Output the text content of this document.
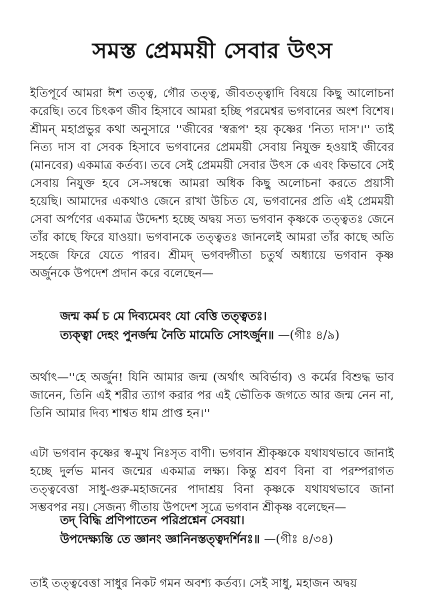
সমস্ত প্রেমময়ী সেবার উৎস

ইতিপূর্বে আমরা ঈশ তত্ত্ব, গৌর তত্ত্ব, জীবতত্ত্বাদি বিষয়ে কিছু আলোচনা করেছি। তবে চিৎকণ জীব হিসাবে আমরা হচ্ছি পরমেশ্বর ভগবানের অংশ বিশেষ। শ্রীমন্ মহাপ্রভুর কথা অনুসারে ''জীবের 'স্বরূপ' হয় কৃষ্ণের 'নিত্য দাস'।'' তাই নিত্য দাস বা সেবক হিসাবে ভগবানের প্রেমময়ী সেবায় নিযুক্ত হওয়াই জীবের (মানবের) একমাত্র কর্তব্য। তবে সেই প্রেমময়ী সেবার উৎস কে এবং কিভাবে সেই সেবায় নিযুক্ত হবে সে-সম্বন্ধে আমরা অধিক কিছু অলোচনা করতে প্রয়াসী হয়েছি। আমাদের একথাও জেনে রাখা উচিত যে, ভগবানের প্রতি এই প্রেমময়ী সেবা অর্পণের একমাত্র উদ্দেশ্য হচ্ছে অদ্বয় সত্য ভগবান কৃষ্ণকে তত্ত্বতঃ জেনে তাঁর কাছে ফিরে যাওয়া। ভগবানকে তত্ত্বতঃ জানলেই আমরা তাঁর কাছে অতি সহজে ফিরে যেতে পারব। শ্রীমদ্ ভগবদ্গীতা চতুর্থ অধ্যায়ে ভগবান কৃষ্ণ অর্জুনকে উপদেশ প্রদান করে বলেছেন—

জন্ম কর্ম চ মে দিব্যমেবং যো বেত্তি তত্ত্বতঃ।
ত্যক্ত্বা দেহং পুনর্জন্ম নৈতি মামেতি সোঽর্জুন॥ —(গীঃ ৪/৯)

অর্থাৎ—''হে অর্জুন! যিনি আমার জন্ম (অর্থাৎ অবির্ভাব) ও কর্মের বিশুদ্ধ ভাব জানেন, তিনি এই শরীর ত্যাগ করার পর এই ভৌতিক জগতে আর জন্ম নেন না, তিনি আমার দিব্য শাশ্বত ধাম প্রাপ্ত হন।''

এটা ভগবান কৃষ্ণের স্ব-মুখ নিঃসৃত বাণী। ভগবান শ্রীকৃষ্ণকে যথাযথভাবে জানাই হচ্ছে দুর্লভ মানব জন্মের একমাত্র লক্ষ্য। কিন্তু শ্রবণ বিনা বা পরম্পরাগত তত্ত্ববেত্তা সাধু-গুরু-মহাজনের পাদাশ্রয় বিনা কৃষ্ণকে যথাযথভাবে জানা সম্ভবপর নয়। সেজন্য গীতায় উপদেশ সূত্রে ভগবান শ্রীকৃষ্ণ বলেছেন—

তদ্ বিদ্ধি প্রণিপাতেন পরিপ্রশ্নেন সেবয়া।
উপদেক্ষ্যন্তি তে জ্ঞানং জ্ঞানিনস্তত্ত্বদর্শিনঃ॥ —(গীঃ ৪/৩৪)

তাই তত্ত্ববেত্তা সাধুর নিকট গমন অবশ্য কর্তব্য। সেই সাধু, মহাজন অদ্বয়
